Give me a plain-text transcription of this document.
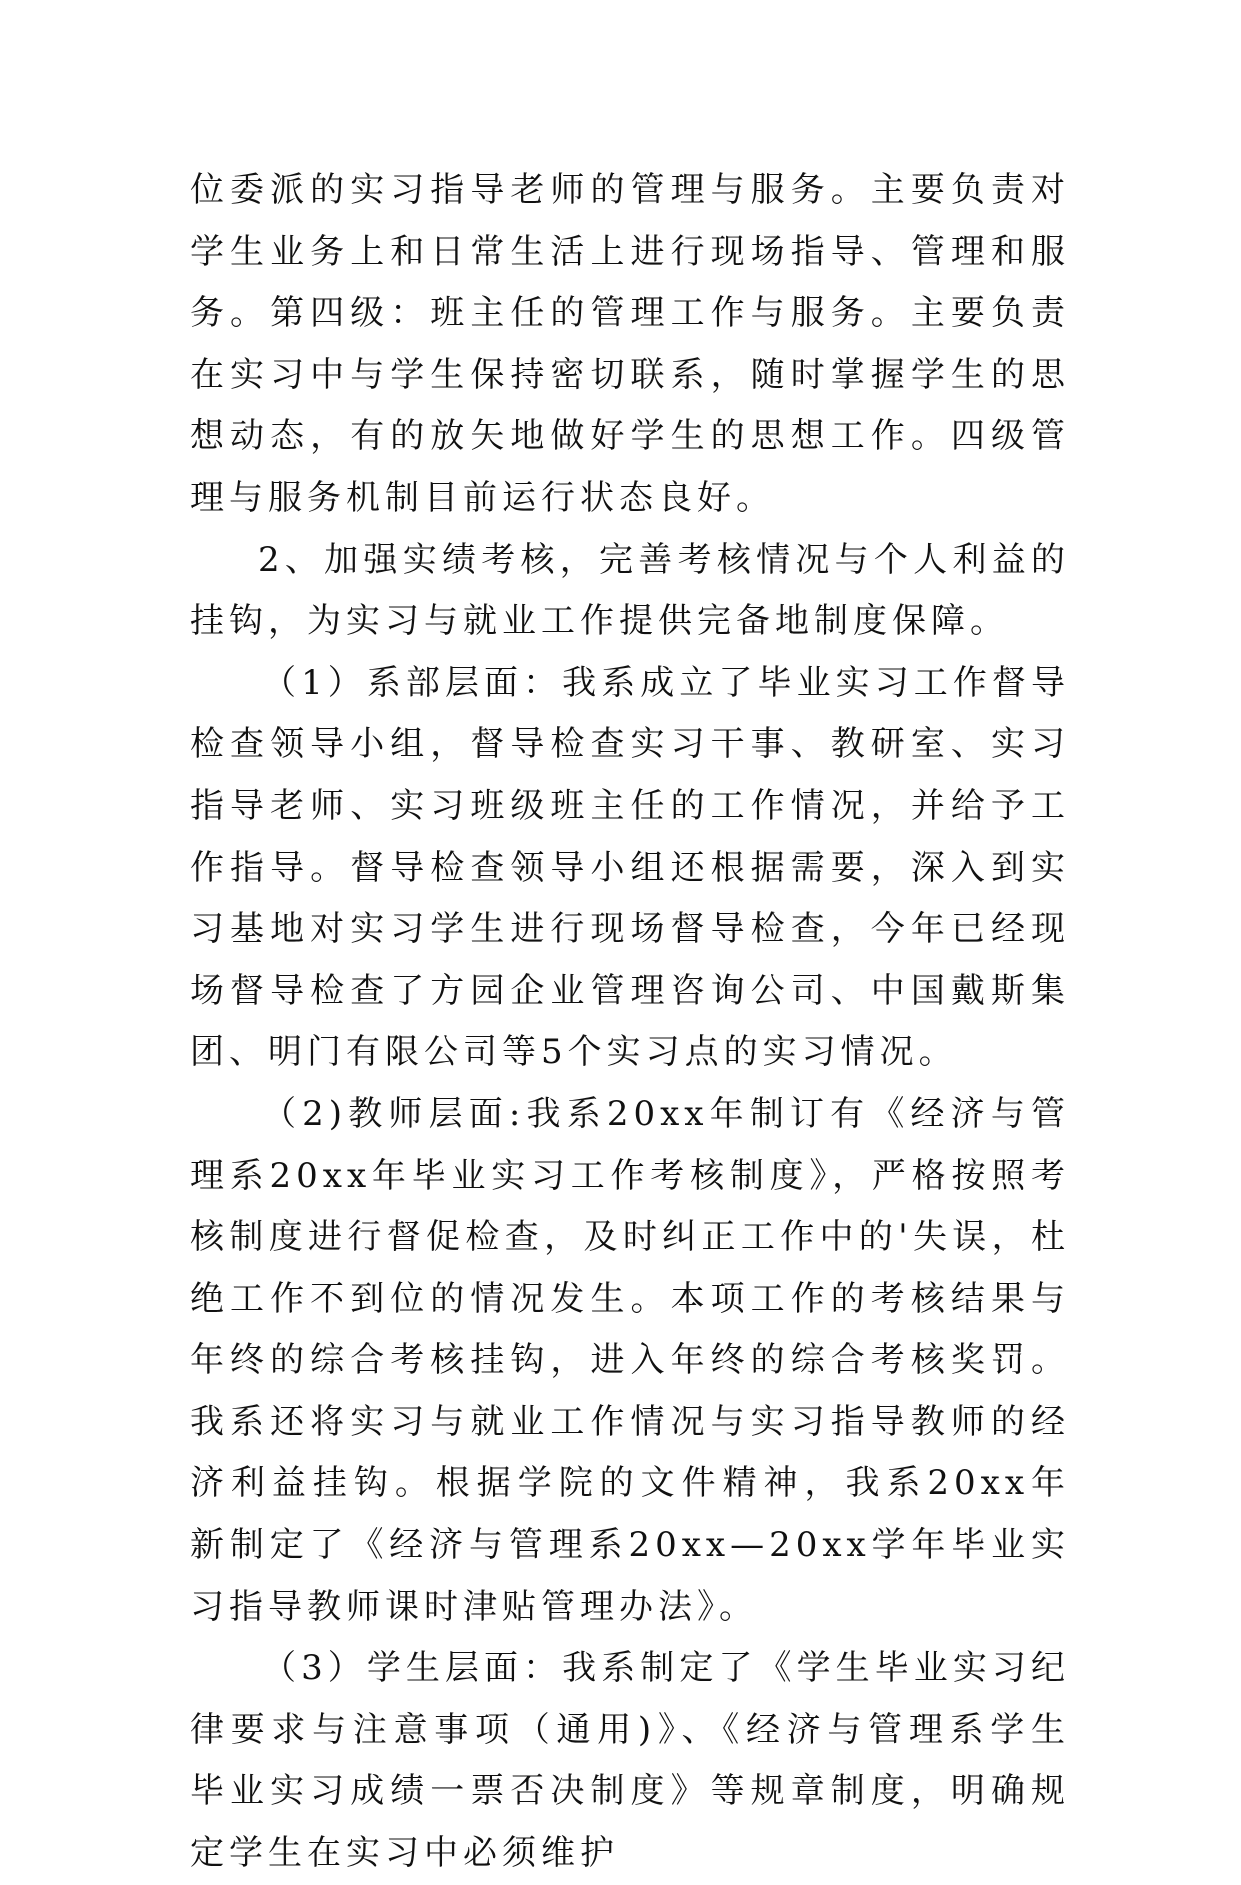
位委派的实习指导老师的管理与服务。主要负责对学生业务上和日常生活上进行现场指导、管理和服务。第四级：班主任的管理工作与服务。主要负责在实习中与学生保持密切联系，随时掌握学生的思想动态，有的放矢地做好学生的思想工作。四级管理与服务机制目前运行状态良好。

2、加强实绩考核，完善考核情况与个人利益的挂钩，为实习与就业工作提供完备地制度保障。

（1）系部层面：我系成立了毕业实习工作督导检查领导小组，督导检查实习干事、教研室、实习指导老师、实习班级班主任的工作情况，并给予工作指导。督导检查领导小组还根据需要，深入到实习基地对实习学生进行现场督导检查，今年已经现场督导检查了方园企业管理咨询公司、中国戴斯集团、明门有限公司等5个实习点的实习情况。

（2)教师层面:我系20xx年制订有《经济与管理系20xx年毕业实习工作考核制度》，严格按照考核制度进行督促检查，及时纠正工作中的'失误，杜绝工作不到位的情况发生。本项工作的考核结果与年终的综合考核挂钩，进入年终的综合考核奖罚。我系还将实习与就业工作情况与实习指导教师的经济利益挂钩。根据学院的文件精神，我系20xx年新制定了《经济与管理系20xx—20xx学年毕业实习指导教师课时津贴管理办法》。

（3）学生层面：我系制定了《学生毕业实习纪律要求与注意事项（通用)》、《经济与管理系学生毕业实习成绩一票否决制度》等规章制度，明确规定学生在实习中必须维护
